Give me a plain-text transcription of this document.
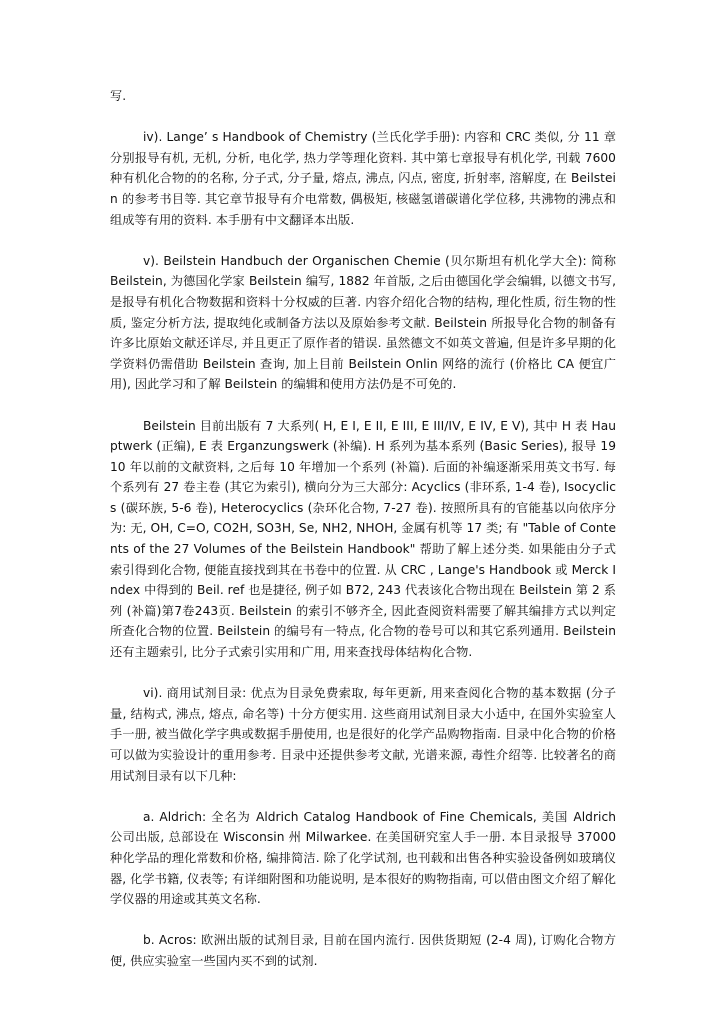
写.

iv). Lange’ s Handbook of Chemistry (兰氏化学手册): 内容和 CRC 类似, 分 11 章分别报导有机, 无机, 分析, 电化学, 热力学等理化资料. 其中第七章报导有机化学, 刊载 7600 种有机化合物的的名称, 分子式, 分子量, 熔点, 沸点, 闪点, 密度, 折射率, 溶解度, 在 Beilstein 的参考书目等. 其它章节报导有介电常数, 偶极矩, 核磁氢谱碳谱化学位移, 共沸物的沸点和组成等有用的资料. 本手册有中文翻译本出版.

v). Beilstein Handbuch der Organischen Chemie (贝尔斯坦有机化学大全): 简称 Beilstein, 为德国化学家 Beilstein 编写, 1882 年首版, 之后由德国化学会编辑, 以德文书写, 是报导有机化合物数据和资料十分权威的巨著. 内容介绍化合物的结构, 理化性质, 衍生物的性质, 鉴定分析方法, 提取纯化或制备方法以及原始参考文献. Beilstein 所报导化合物的制备有许多比原始文献还详尽, 并且更正了原作者的错误. 虽然德文不如英文普遍, 但是许多早期的化学资料仍需借助 Beilstein 查询, 加上目前 Beilstein Onlin 网络的流行 (价格比 CA 便宜广用), 因此学习和了解 Beilstein 的编辑和使用方法仍是不可免的.

Beilstein 目前出版有 7 大系列( H, E I, E II, E III, E III/IV, E IV, E V), 其中 H 表 Hauptwerk (正编), E 表 Erganzungswerk (补编). H 系列为基本系列 (Basic Series), 报导 1910 年以前的文献资料, 之后每 10 年增加一个系列 (补篇). 后面的补编逐渐采用英文书写. 每个系列有 27 卷主卷 (其它为索引), 横向分为三大部分: Acyclics (非环系, 1-4 卷), Isocyclics (碳环族, 5-6 卷), Heterocyclics (杂环化合物, 7-27 卷). 按照所具有的官能基以向依序分为: 无, OH, C=O, CO2H, SO3H, Se, NH2, NHOH, 金属有机等 17 类; 有 "Table of Contents of the 27 Volumes of the Beilstein Handbook" 帮助了解上述分类. 如果能由分子式索引得到化合物, 便能直接找到其在书卷中的位置. 从 CRC , Lange's Handbook 或 Merck Index 中得到的 Beil. ref 也是捷径, 例子如 B72, 243 代表该化合物出现在 Beilstein 第 2 系列 (补篇)第7卷243页. Beilstein 的索引不够齐全, 因此查阅资料需要了解其编排方式以判定所查化合物的位置. Beilstein 的编号有一特点, 化合物的卷号可以和其它系列通用. Beilstein 还有主题索引, 比分子式索引实用和广用, 用来查找母体结构化合物.

vi). 商用试剂目录: 优点为目录免费索取, 每年更新, 用来查阅化合物的基本数据 (分子量, 结构式, 沸点, 熔点, 命名等) 十分方便实用. 这些商用试剂目录大小适中, 在国外实验室人手一册, 被当做化学字典或数据手册使用, 也是很好的化学产品购物指南. 目录中化合物的价格可以做为实验设计的重用参考. 目录中还提供参考文献, 光谱来源, 毒性介绍等. 比较著名的商用试剂目录有以下几种:

a. Aldrich: 全名为 Aldrich Catalog Handbook of Fine Chemicals, 美国 Aldrich 公司出版, 总部设在 Wisconsin 州 Milwarkee. 在美国研究室人手一册. 本目录报导 37000 种化学品的理化常数和价格, 编排简洁. 除了化学试剂, 也刊载和出售各种实验设备例如玻璃仪器, 化学书籍, 仪表等; 有详细附图和功能说明, 是本很好的购物指南, 可以借由图文介绍了解化学仪器的用途或其英文名称.

b. Acros: 欧洲出版的试剂目录, 目前在国内流行. 因供货期短 (2-4 周), 订购化合物方便, 供应实验室一些国内买不到的试剂.
